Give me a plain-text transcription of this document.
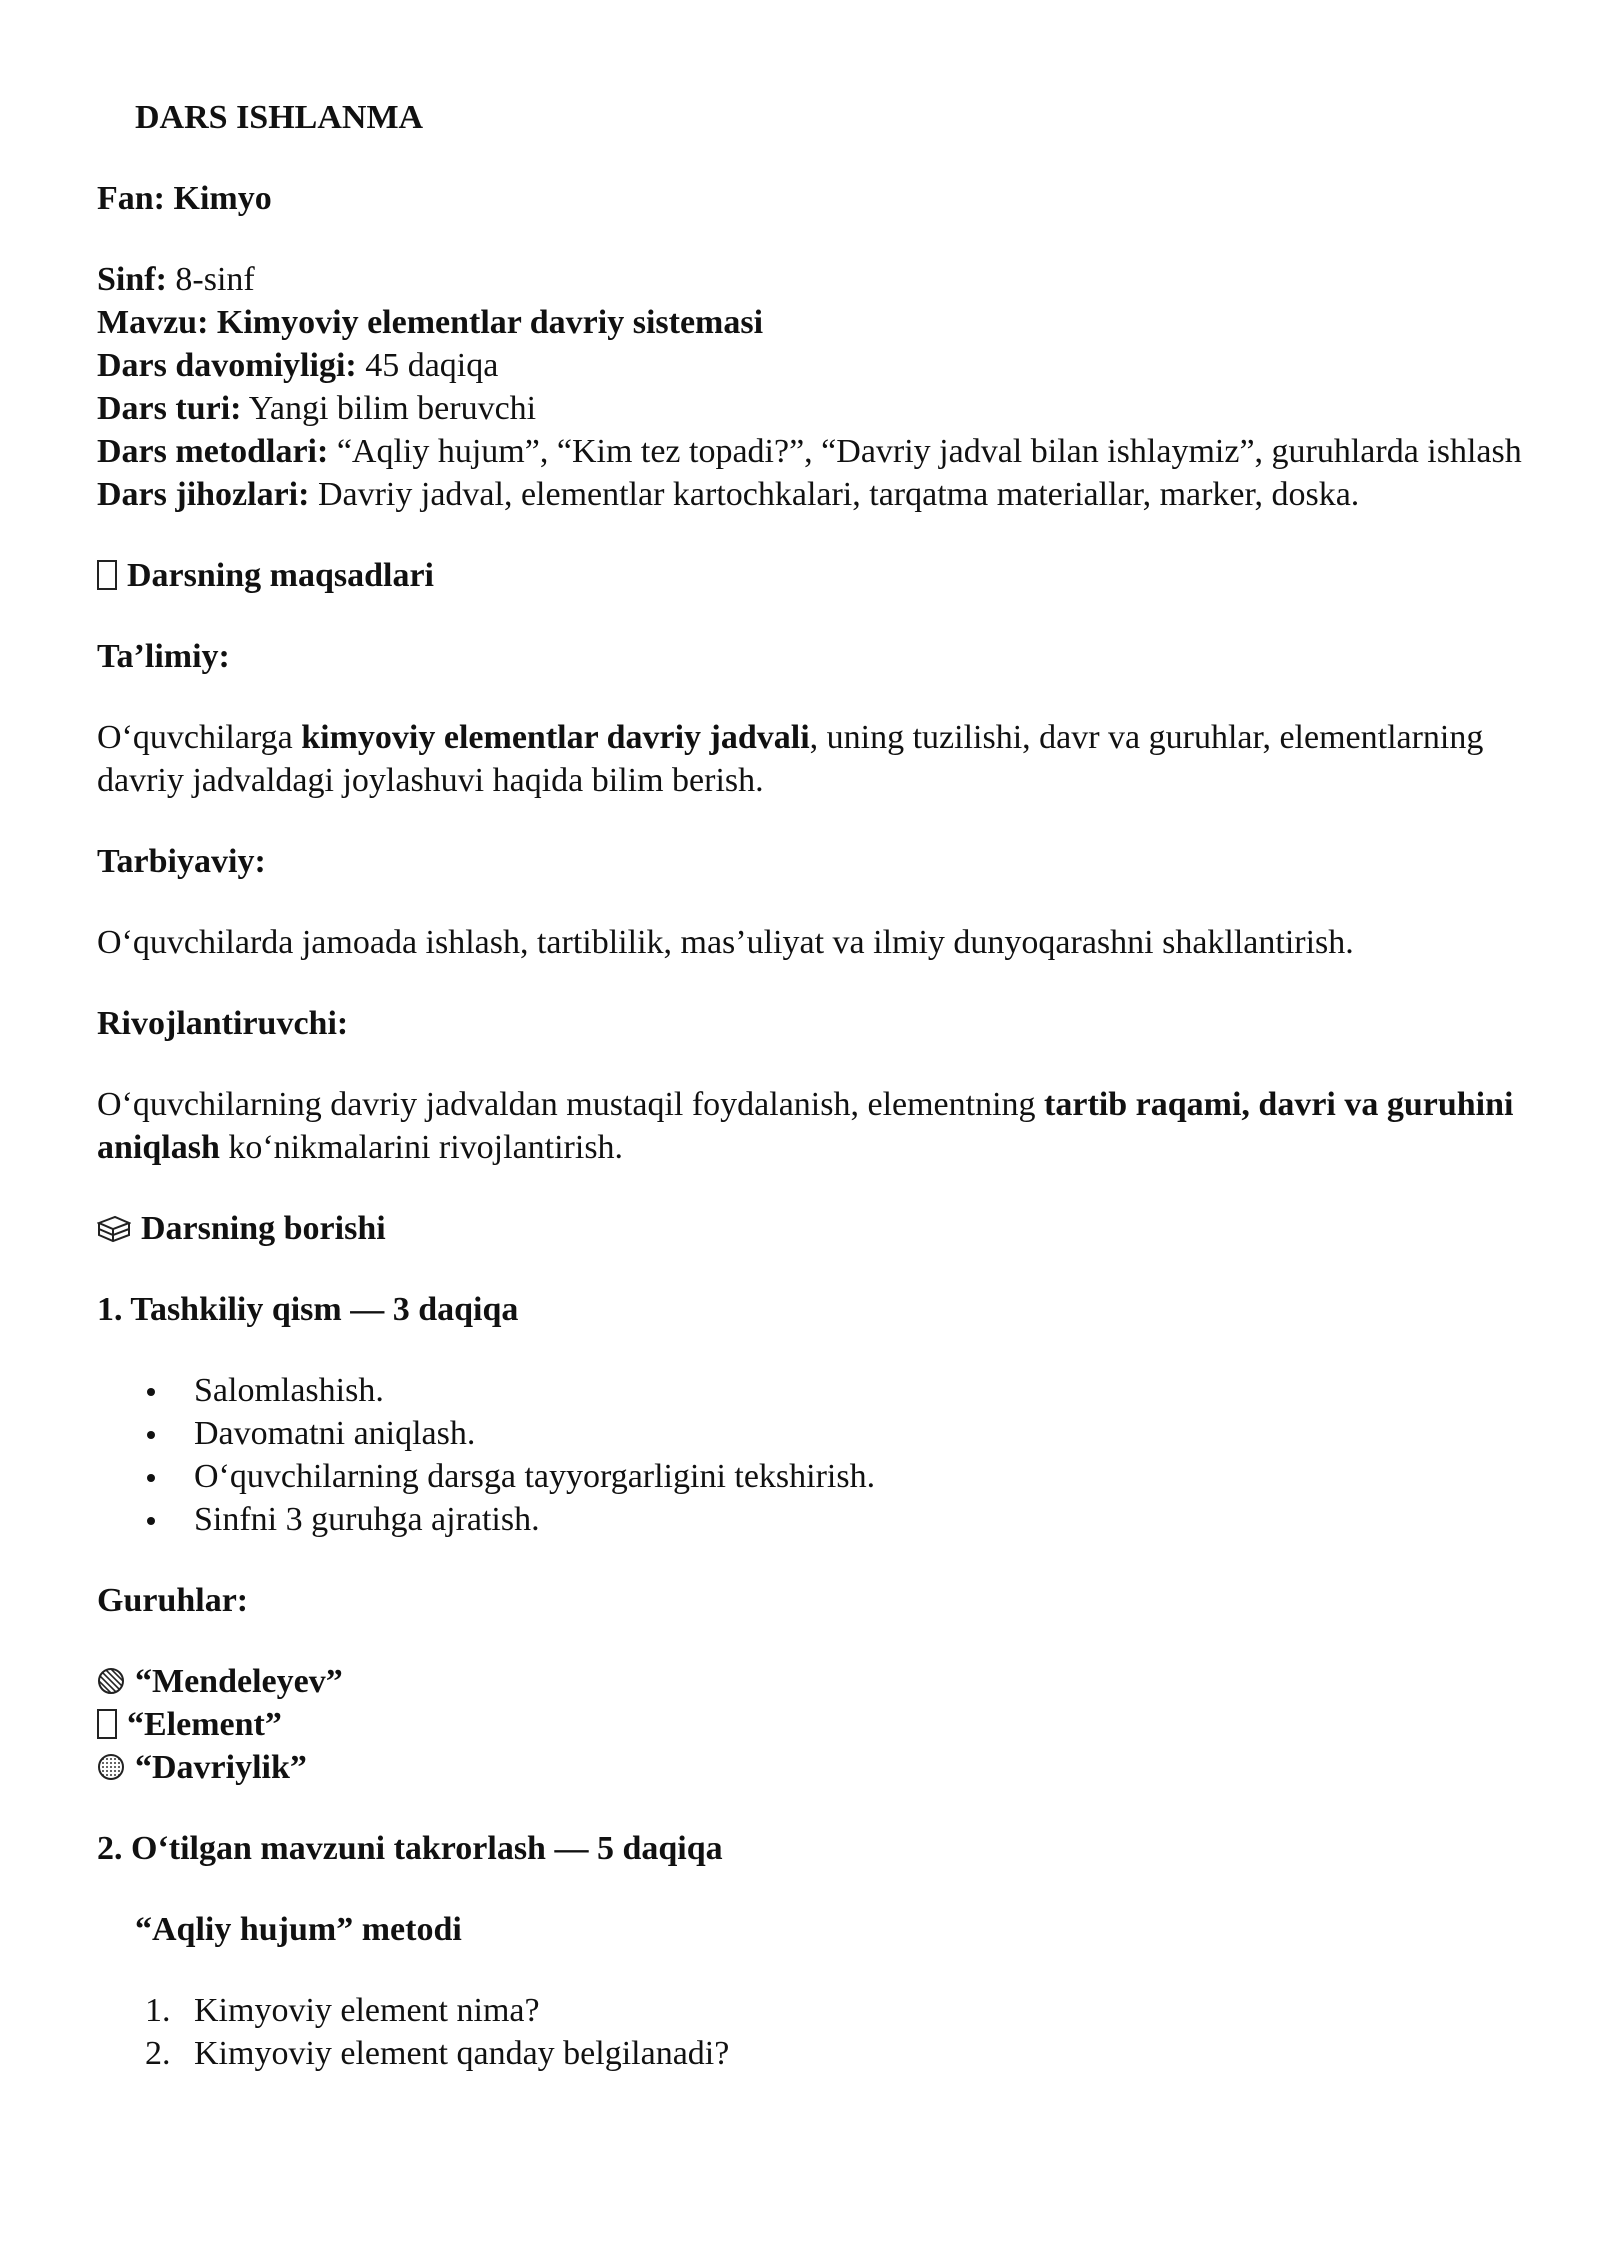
DARS ISHLANMA

Fan: Kimyo

Sinf: 8-sinf

Mavzu: Kimyoviy elementlar davriy sistemasi

Dars davomiyligi: 45 daqiqa

Dars turi: Yangi bilim beruvchi

Dars metodlari: “Aqliy hujum”, “Kim tez topadi?”, “Davriy jadval bilan ishlaymiz”, guruhlarda ishlash

Dars jihozlari: Davriy jadval, elementlar kartochkalari, tarqatma materiallar, marker, doska.

Darsning maqsadlari

Ta’limiy:

O‘quvchilarga kimyoviy elementlar davriy jadvali, uning tuzilishi, davr va guruhlar, elementlarning davriy jadvaldagi joylashuvi haqida bilim berish.

Tarbiyaviy:

O‘quvchilarda jamoada ishlash, tartiblilik, mas’uliyat va ilmiy dunyoqarashni shakllantirish.

Rivojlantiruvchi:

O‘quvchilarning davriy jadvaldan mustaqil foydalanish, elementning tartib raqami, davri va guruhini aniqlash ko‘nikmalarini rivojlantirish.

Darsning borishi

1. Tashkiliy qism — 3 daqiqa

Salomlashish.
Davomatni aniqlash.
O‘quvchilarning darsga tayyorgarligini tekshirish.
Sinfni 3 guruhga ajratish.

Guruhlar:

“Mendeleyev”

“Element”

“Davriylik”

2. O‘tilgan mavzuni takrorlash — 5 daqiqa

“Aqliy hujum” metodi

1. Kimyoviy element nima?
2. Kimyoviy element qanday belgilanadi?
